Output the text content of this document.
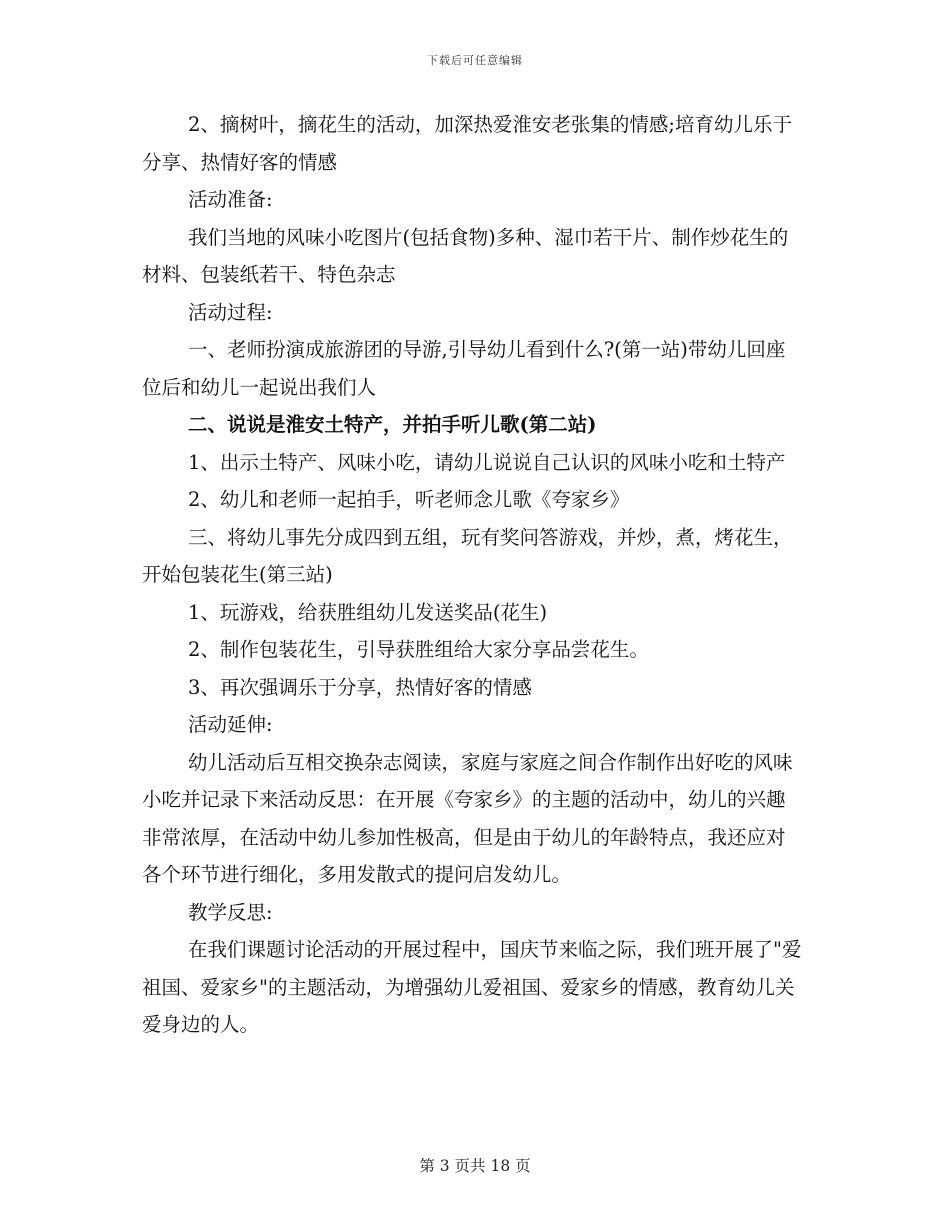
下载后可任意编辑

2、摘树叶，摘花生的活动，加深热爱淮安老张集的情感;培育幼儿乐于分享、热情好客的情感

活动准备:

我们当地的风味小吃图片(包括食物)多种、湿巾若干片、制作炒花生的材料、包装纸若干、特色杂志

活动过程:

一、老师扮演成旅游团的导游,引导幼儿看到什么?(第一站)带幼儿回座位后和幼儿一起说出我们人

二、说说是淮安土特产，并拍手听儿歌(第二站)

1、出示土特产、风味小吃，请幼儿说说自己认识的风味小吃和土特产

2、幼儿和老师一起拍手，听老师念儿歌《夸家乡》

三、将幼儿事先分成四到五组，玩有奖问答游戏，并炒，煮，烤花生，开始包装花生(第三站)

1、玩游戏，给获胜组幼儿发送奖品(花生)

2、制作包装花生，引导获胜组给大家分享品尝花生。

3、再次强调乐于分享，热情好客的情感

活动延伸:

幼儿活动后互相交换杂志阅读，家庭与家庭之间合作制作出好吃的风味小吃并记录下来活动反思：在开展《夸家乡》的主题的活动中，幼儿的兴趣非常浓厚，在活动中幼儿参加性极高，但是由于幼儿的年龄特点，我还应对各个环节进行细化，多用发散式的提问启发幼儿。

教学反思:

在我们课题讨论活动的开展过程中，国庆节来临之际，我们班开展了"爱祖国、爱家乡"的主题活动，为增强幼儿爱祖国、爱家乡的情感，教育幼儿关爱身边的人。

第 3 页共 18 页
